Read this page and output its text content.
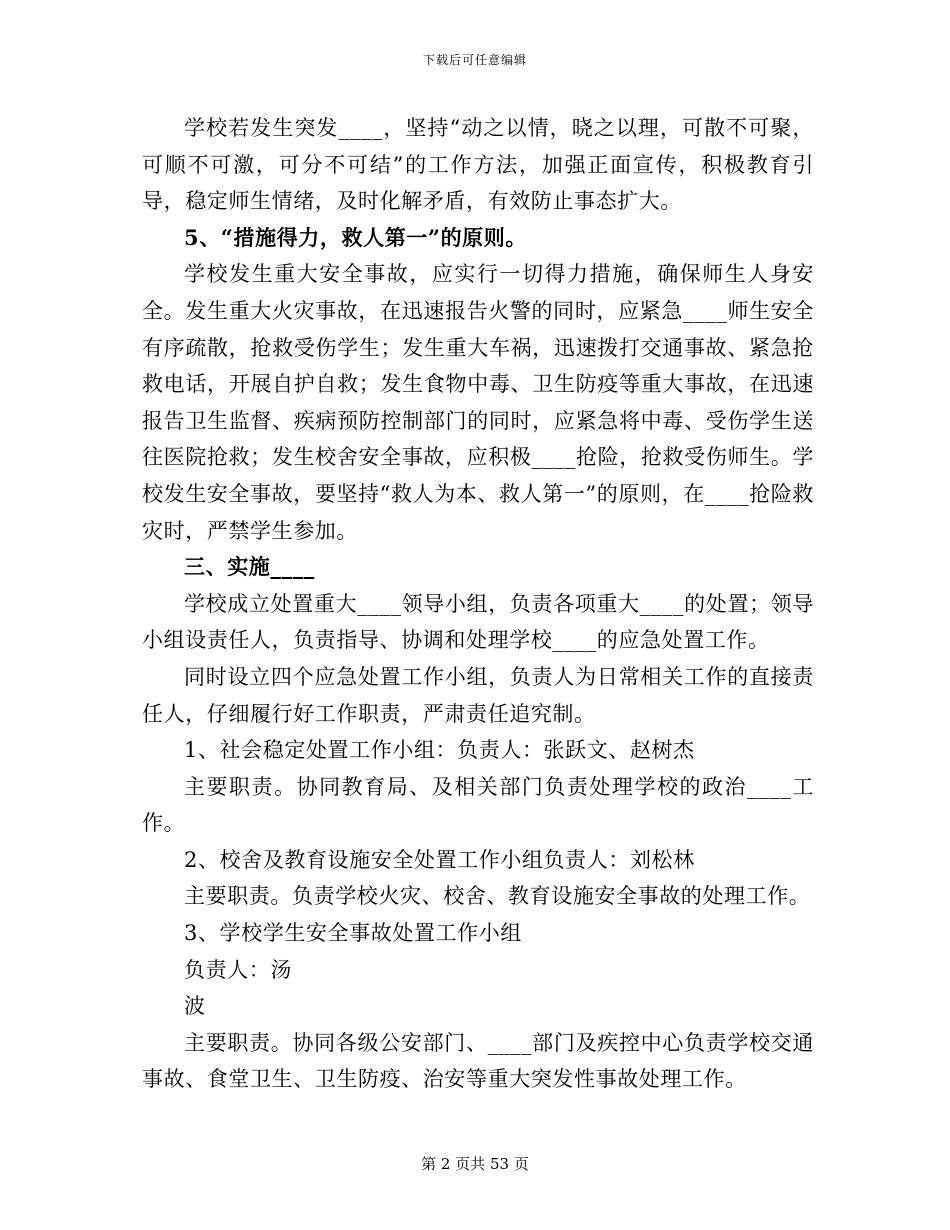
下载后可任意编辑

学校若发生突发____，坚持“动之以情，晓之以理，可散不可聚，可顺不可激，可分不可结”的工作方法，加强正面宣传，积极教育引导，稳定师生情绪，及时化解矛盾，有效防止事态扩大。

5、“措施得力，救人第一”的原则。

学校发生重大安全事故，应实行一切得力措施，确保师生人身安全。发生重大火灾事故，在迅速报告火警的同时，应紧急____师生安全有序疏散，抢救受伤学生；发生重大车祸，迅速拨打交通事故、紧急抢救电话，开展自护自救；发生食物中毒、卫生防疫等重大事故，在迅速报告卫生监督、疾病预防控制部门的同时，应紧急将中毒、受伤学生送往医院抢救；发生校舍安全事故，应积极____抢险，抢救受伤师生。学校发生安全事故，要坚持“救人为本、救人第一”的原则，在____抢险救灾时，严禁学生参加。

三、实施____

学校成立处置重大____领导小组，负责各项重大____的处置；领导小组设责任人，负责指导、协调和处理学校____的应急处置工作。

同时设立四个应急处置工作小组，负责人为日常相关工作的直接责任人，仔细履行好工作职责，严肃责任追究制。

1、社会稳定处置工作小组：负责人：张跃文、赵树杰

主要职责。协同教育局、及相关部门负责处理学校的政治____工作。

2、校舍及教育设施安全处置工作小组负责人：刘松林

主要职责。负责学校火灾、校舍、教育设施安全事故的处理工作。

3、学校学生安全事故处置工作小组

负责人：汤

波

主要职责。协同各级公安部门、____部门及疾控中心负责学校交通事故、食堂卫生、卫生防疫、治安等重大突发性事故处理工作。

第 2 页共 53 页
